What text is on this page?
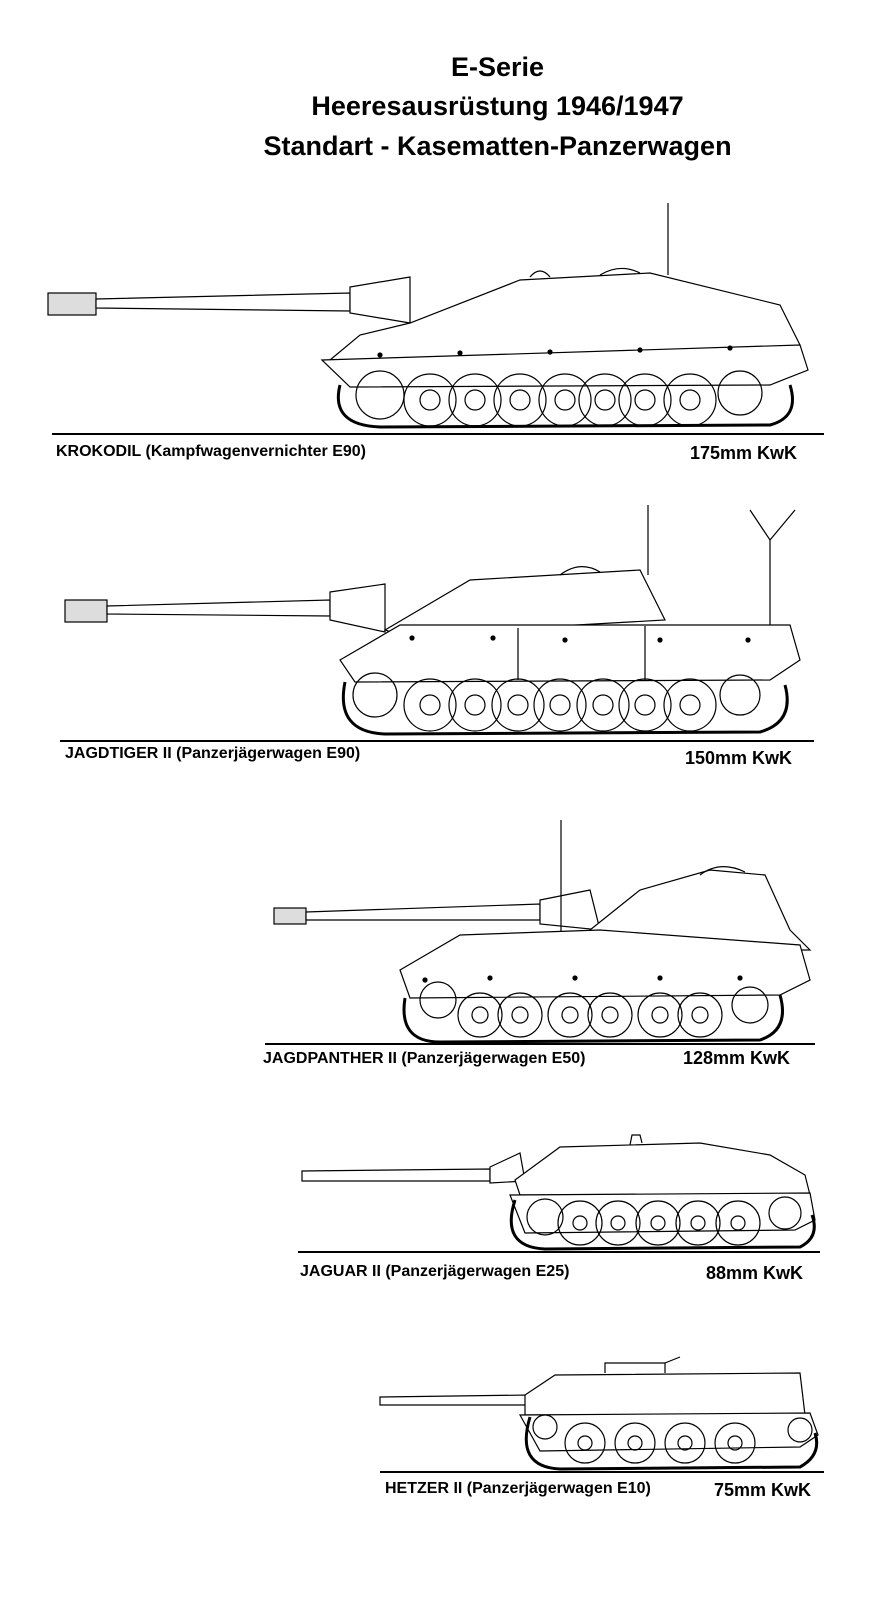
E-Serie
Heeresausrüstung 1946/1947
Standart - Kasematten-Panzerwagen
KROKODIL (Kampfwagenvernichter E90)	175mm KwK
JAGDTIGER II (Panzerjägerwagen E90)	150mm KwK
JAGDPANTHER II (Panzerjägerwagen E50)	128mm KwK
JAGUAR II (Panzerjägerwagen E25)	88mm KwK
HETZER II (Panzerjägerwagen E10)	75mm KwK
